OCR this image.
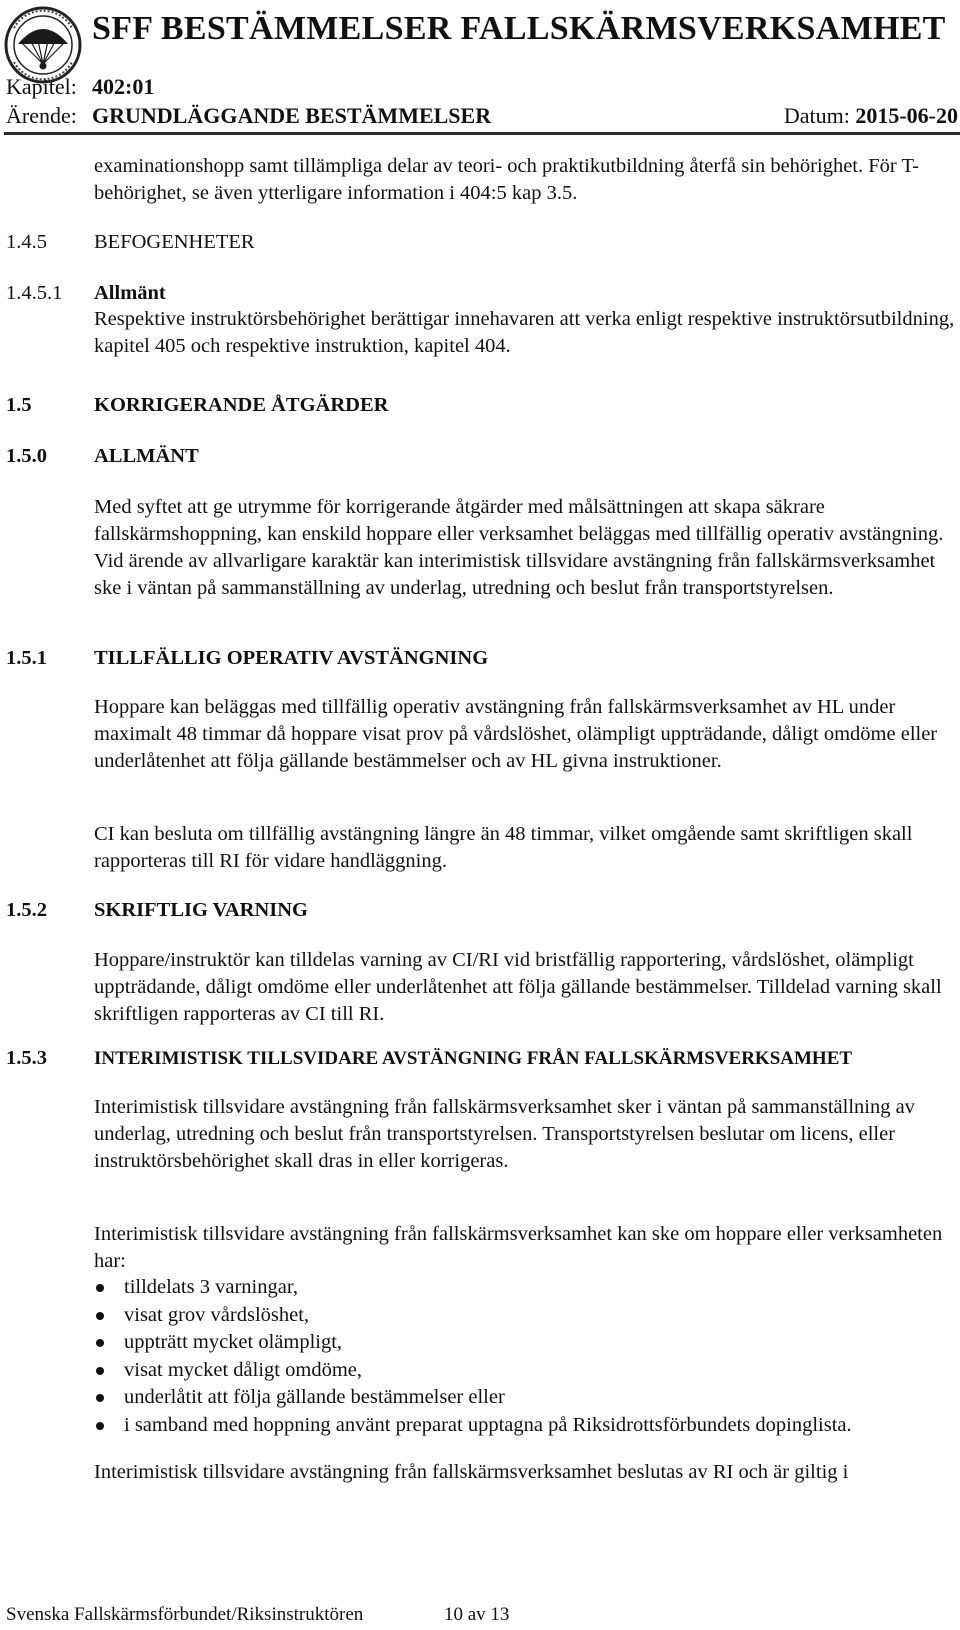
SFF BESTÄMMELSER FALLSKÄRMSVERKSAMHET
Kapitel: 402:01
Ärende: GRUNDLÄGGANDE BESTÄMMELSER	Datum: 2015-06-20
examinationshopp samt tillämpliga delar av teori- och praktikutbildning återfå sin behörighet. För T-behörighet, se även ytterligare information i 404:5 kap 3.5.
1.4.5 BEFOGENHETER
1.4.5.1 Allmänt
Respektive instruktörsbehörighet berättigar innehavaren att verka enligt respektive instruktörsutbildning, kapitel 405 och respektive instruktion, kapitel 404.
1.5	KORRIGERANDE ÅTGÄRDER
1.5.0 ALLMÄNT
Med syftet att ge utrymme för korrigerande åtgärder med målsättningen att skapa säkrare fallskärmshoppning, kan enskild hoppare eller verksamhet beläggas med tillfällig operativ avstängning. Vid ärende av allvarligare karaktär kan interimistisk tillsvidare avstängning från fallskärmsverksamhet ske i väntan på sammanställning av underlag, utredning och beslut från transportstyrelsen.
1.5.1 TILLFÄLLIG OPERATIV AVSTÄNGNING
Hoppare kan beläggas med tillfällig operativ avstängning från fallskärmsverksamhet av HL under maximalt 48 timmar då hoppare visat prov på vårdslöshet, olämpligt uppträdande, dåligt omdöme eller underlåtenhet att följa gällande bestämmelser och av HL givna instruktioner.
CI kan besluta om tillfällig avstängning längre än 48 timmar, vilket omgående samt skriftligen skall rapporteras till RI för vidare handläggning.
1.5.2 SKRIFTLIG VARNING
Hoppare/instruktör kan tilldelas varning av CI/RI vid bristfällig rapportering, vårdslöshet, olämpligt uppträdande, dåligt omdöme eller underlåtenhet att följa gällande bestämmelser. Tilldelad varning skall skriftligen rapporteras av CI till RI.
1.5.3 INTERIMISTISK TILLSVIDARE AVSTÄNGNING FRÅN FALLSKÄRMSVERKSAMHET
Interimistisk tillsvidare avstängning från fallskärmsverksamhet sker i väntan på sammanställning av underlag, utredning och beslut från transportstyrelsen. Transportstyrelsen beslutar om licens, eller instruktörsbehörighet skall dras in eller korrigeras.
Interimistisk tillsvidare avstängning från fallskärmsverksamhet kan ske om hoppare eller verksamheten har:
tilldelats 3 varningar,
visat grov vårdslöshet,
uppträtt mycket olämpligt,
visat mycket dåligt omdöme,
underlåtit att följa gällande bestämmelser eller
i samband med hoppning använt preparat upptagna på Riksidrottsförbundets dopinglista.
Interimistisk tillsvidare avstängning från fallskärmsverksamhet beslutas av RI och är giltig i
Svenska Fallskärmsförbundet/Riksinstruktören	10 av 13
